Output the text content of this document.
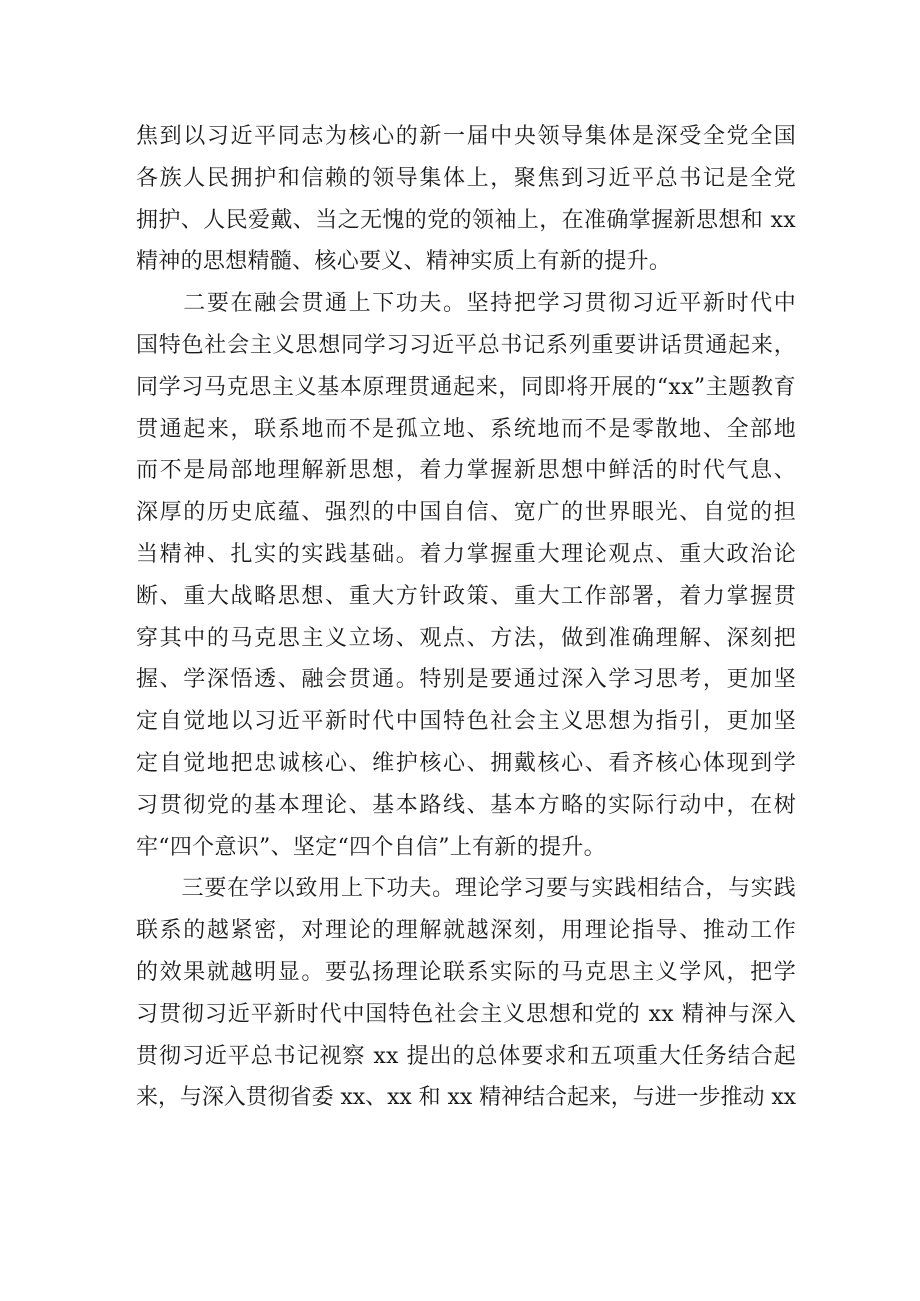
焦到以习近平同志为核心的新一届中央领导集体是深受全党全国
各族人民拥护和信赖的领导集体上，聚焦到习近平总书记是全党
拥护、人民爱戴、当之无愧的党的领袖上，在准确掌握新思想和 xx
精神的思想精髓、核心要义、精神实质上有新的提升。
　　二要在融会贯通上下功夫。坚持把学习贯彻习近平新时代中
国特色社会主义思想同学习习近平总书记系列重要讲话贯通起来，
同学习马克思主义基本原理贯通起来，同即将开展的“xx”主题教育
贯通起来，联系地而不是孤立地、系统地而不是零散地、全部地
而不是局部地理解新思想，着力掌握新思想中鲜活的时代气息、
深厚的历史底蕴、强烈的中国自信、宽广的世界眼光、自觉的担
当精神、扎实的实践基础。着力掌握重大理论观点、重大政治论
断、重大战略思想、重大方针政策、重大工作部署，着力掌握贯
穿其中的马克思主义立场、观点、方法，做到准确理解、深刻把
握、学深悟透、融会贯通。特别是要通过深入学习思考，更加坚
定自觉地以习近平新时代中国特色社会主义思想为指引，更加坚
定自觉地把忠诚核心、维护核心、拥戴核心、看齐核心体现到学
习贯彻党的基本理论、基本路线、基本方略的实际行动中，在树
牢“四个意识”、坚定“四个自信”上有新的提升。
　　三要在学以致用上下功夫。理论学习要与实践相结合，与实践
联系的越紧密，对理论的理解就越深刻，用理论指导、推动工作
的效果就越明显。要弘扬理论联系实际的马克思主义学风，把学
习贯彻习近平新时代中国特色社会主义思想和党的 xx 精神与深入
贯彻习近平总书记视察 xx 提出的总体要求和五项重大任务结合起
来，与深入贯彻省委 xx、xx 和 xx 精神结合起来，与进一步推动 xx
